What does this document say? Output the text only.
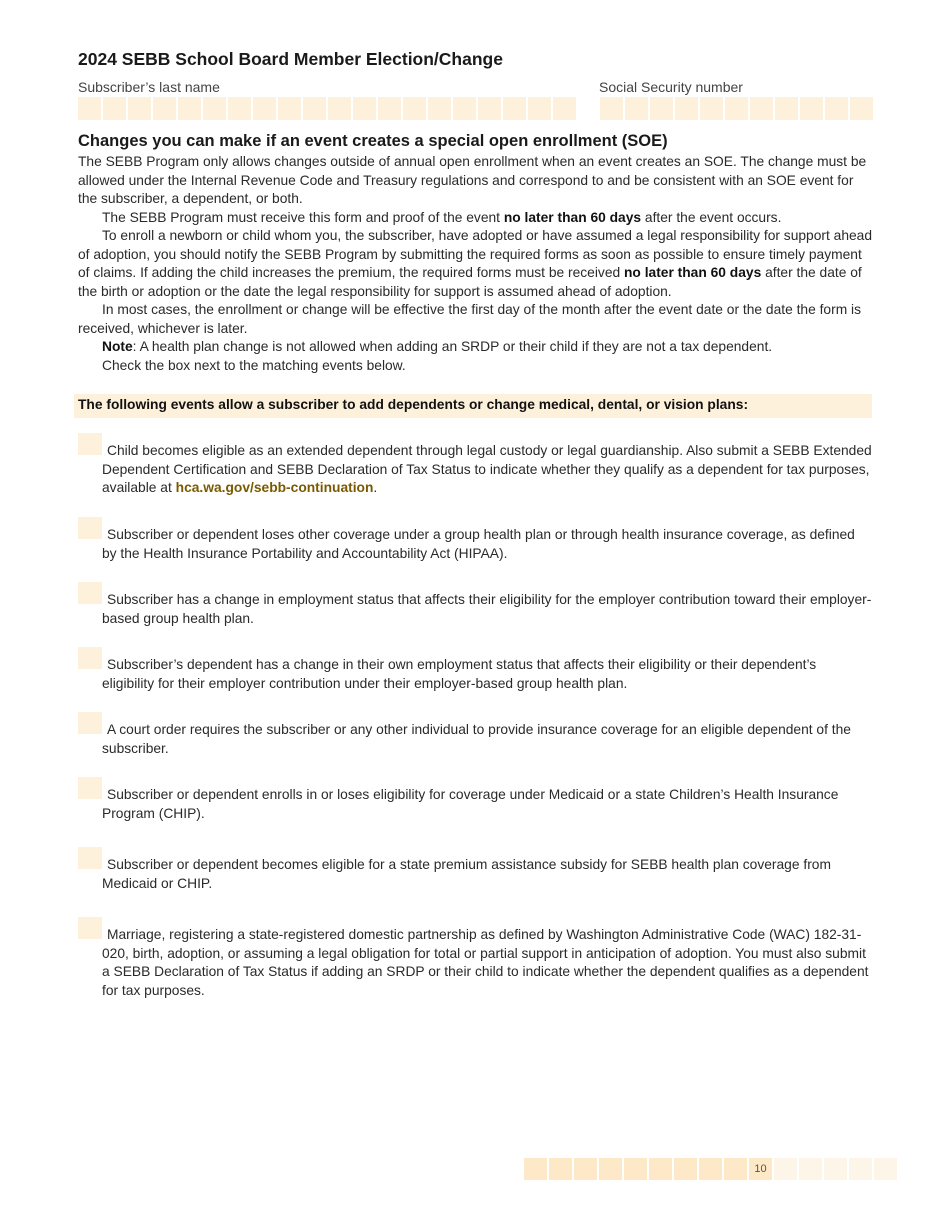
2024 SEBB School Board Member Election/Change
Subscriber’s last name	Social Security number
Changes you can make if an event creates a special open enrollment (SOE)

The SEBB Program only allows changes outside of annual open enrollment when an event creates an SOE. The change must be allowed under the Internal Revenue Code and Treasury regulations and correspond to and be consistent with an SOE event for the subscriber, a dependent, or both.

The SEBB Program must receive this form and proof of the event no later than 60 days after the event occurs.

To enroll a newborn or child whom you, the subscriber, have adopted or have assumed a legal responsibility for support ahead of adoption, you should notify the SEBB Program by submitting the required forms as soon as possible to ensure timely payment of claims. If adding the child increases the premium, the required forms must be received no later than 60 days after the date of the birth or adoption or the date the legal responsibility for support is assumed ahead of adoption.

In most cases, the enrollment or change will be effective the first day of the month after the event date or the date the form is received, whichever is later.

Note: A health plan change is not allowed when adding an SRDP or their child if they are not a tax dependent.

Check the box next to the matching events below.

The following events allow a subscriber to add dependents or change medical, dental, or vision plans:
Child becomes eligible as an extended dependent through legal custody or legal guardianship. Also submit a SEBB Extended Dependent Certification and SEBB Declaration of Tax Status to indicate whether they qualify as a dependent for tax purposes, available at hca.wa.gov/sebb-continuation.
Subscriber or dependent loses other coverage under a group health plan or through health insurance coverage, as defined by the Health Insurance Portability and Accountability Act (HIPAA).
Subscriber has a change in employment status that affects their eligibility for the employer contribution toward their employer-based group health plan.
Subscriber’s dependent has a change in their own employment status that affects their eligibility or their dependent’s eligibility for their employer contribution under their employer-based group health plan.
A court order requires the subscriber or any other individual to provide insurance coverage for an eligible dependent of the subscriber.
Subscriber or dependent enrolls in or loses eligibility for coverage under Medicaid or a state Children’s Health Insurance Program (CHIP).
Subscriber or dependent becomes eligible for a state premium assistance subsidy for SEBB health plan coverage from Medicaid or CHIP.
Marriage, registering a state-registered domestic partnership as defined by Washington Administrative Code (WAC) 182-31-020, birth, adoption, or assuming a legal obligation for total or partial support in anticipation of adoption. You must also submit a SEBB Declaration of Tax Status if adding an SRDP or their child to indicate whether the dependent qualifies as a dependent for tax purposes.
10
